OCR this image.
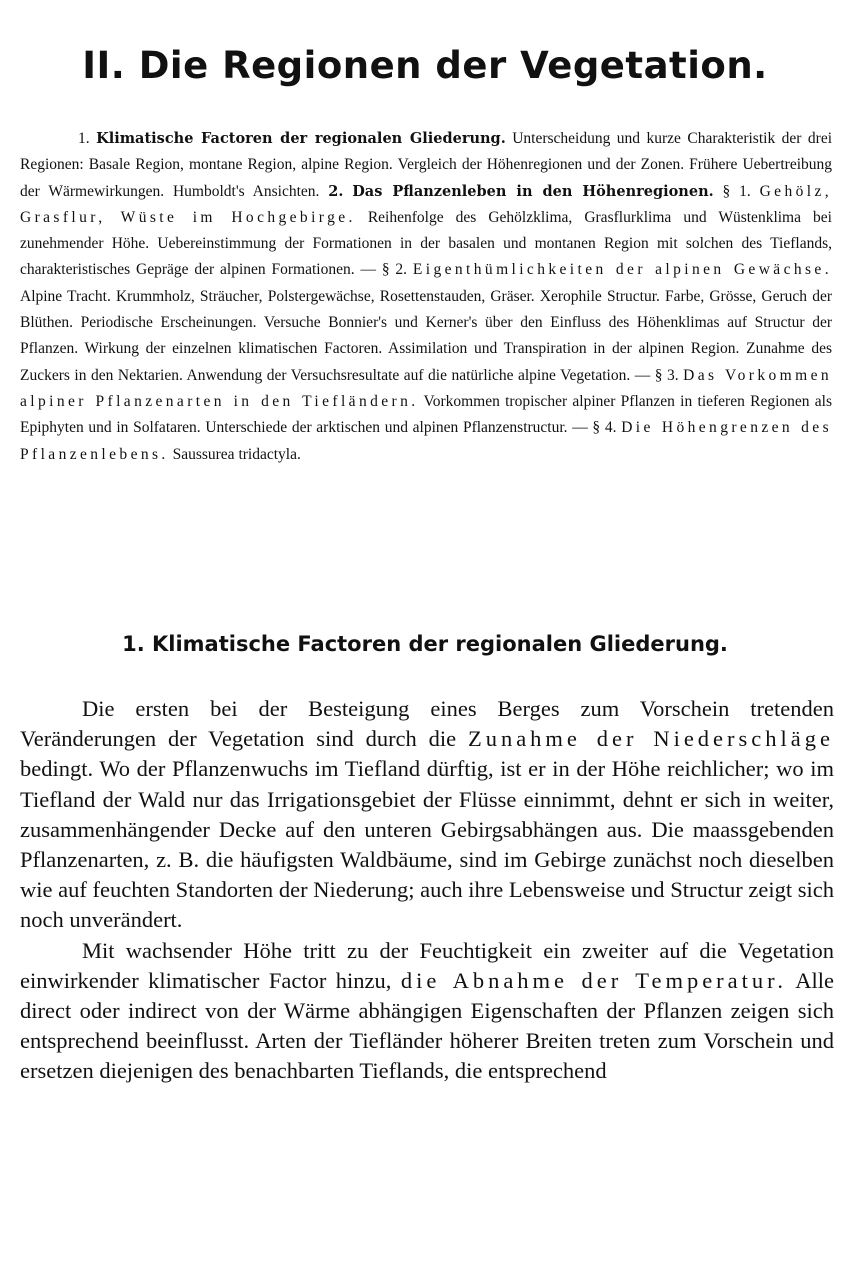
II. Die Regionen der Vegetation.

1. Klimatische Factoren der regionalen Gliederung. Unterscheidung und kurze Charakteristik der drei Regionen: Basale Region, montane Region, alpine Region. Vergleich der Höhenregionen und der Zonen. Frühere Uebertreibung der Wärmewirkungen. Humboldt's Ansichten. 2. Das Pflanzenleben in den Höhenregionen. § 1. Gehölz, Grasflur, Wüste im Hochgebirge. Reihenfolge des Gehölzklima, Grasflurklima und Wüstenklima bei zunehmender Höhe. Uebereinstimmung der Formationen in der basalen und montanen Region mit solchen des Tieflands, charakteristisches Gepräge der alpinen Formationen. — § 2. Eigenthümlichkeiten der alpinen Gewächse. Alpine Tracht. Krummholz, Sträucher, Polstergewächse, Rosettenstauden, Gräser. Xerophile Structur. Farbe, Grösse, Geruch der Blüthen. Periodische Erscheinungen. Versuche Bonnier's und Kerner's über den Einfluss des Höhenklimas auf Structur der Pflanzen. Wirkung der einzelnen klimatischen Factoren. Assimilation und Transpiration in der alpinen Region. Zunahme des Zuckers in den Nektarien. Anwendung der Versuchsresultate auf die natürliche alpine Vegetation. — § 3. Das Vorkommen alpiner Pflanzenarten in den Tiefländern. Vorkommen tropischer alpiner Pflanzen in tieferen Regionen als Epiphyten und in Solfataren. Unterschiede der arktischen und alpinen Pflanzenstructur. — § 4. Die Höhengrenzen des Pflanzenlebens. Saussurea tridactyla.

1. Klimatische Factoren der regionalen Gliederung.

Die ersten bei der Besteigung eines Berges zum Vorschein tretenden Veränderungen der Vegetation sind durch die Zunahme der Niederschläge bedingt. Wo der Pflanzenwuchs im Tiefland dürftig, ist er in der Höhe reichlicher; wo im Tiefland der Wald nur das Irrigationsgebiet der Flüsse einnimmt, dehnt er sich in weiter, zusammenhängender Decke auf den unteren Gebirgsabhängen aus. Die maassgebenden Pflanzenarten, z. B. die häufigsten Waldbäume, sind im Gebirge zunächst noch dieselben wie auf feuchten Standorten der Niederung; auch ihre Lebensweise und Structur zeigt sich noch unverändert.

Mit wachsender Höhe tritt zu der Feuchtigkeit ein zweiter auf die Vegetation einwirkender klimatischer Factor hinzu, die Abnahme der Temperatur. Alle direct oder indirect von der Wärme abhängigen Eigenschaften der Pflanzen zeigen sich entsprechend beeinflusst. Arten der Tiefländer höherer Breiten treten zum Vorschein und ersetzen diejenigen des benachbarten Tieflands, die entsprechend
